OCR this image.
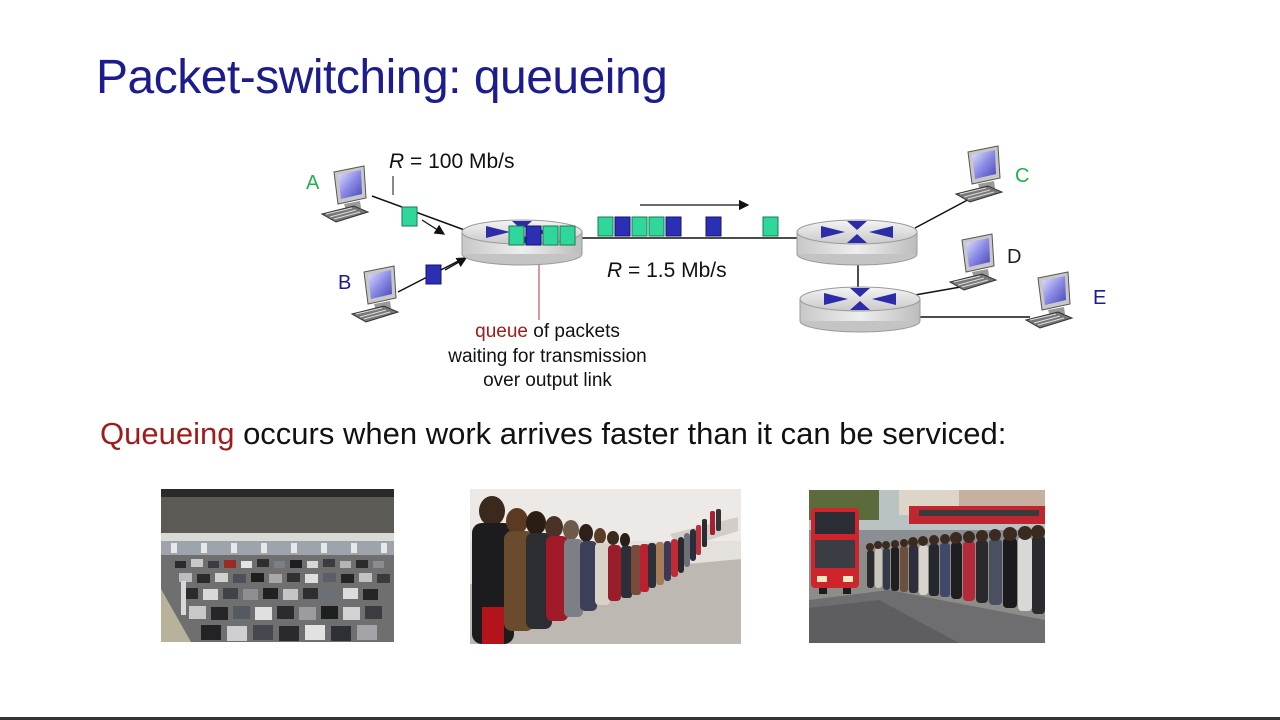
Packet-switching: queueing
A
B
C
D
E
R = 100 Mb/s
R = 1.5 Mb/s
queue of packets
waiting for transmission
over output link

Queueing occurs when work arrives faster than it can be serviced:
